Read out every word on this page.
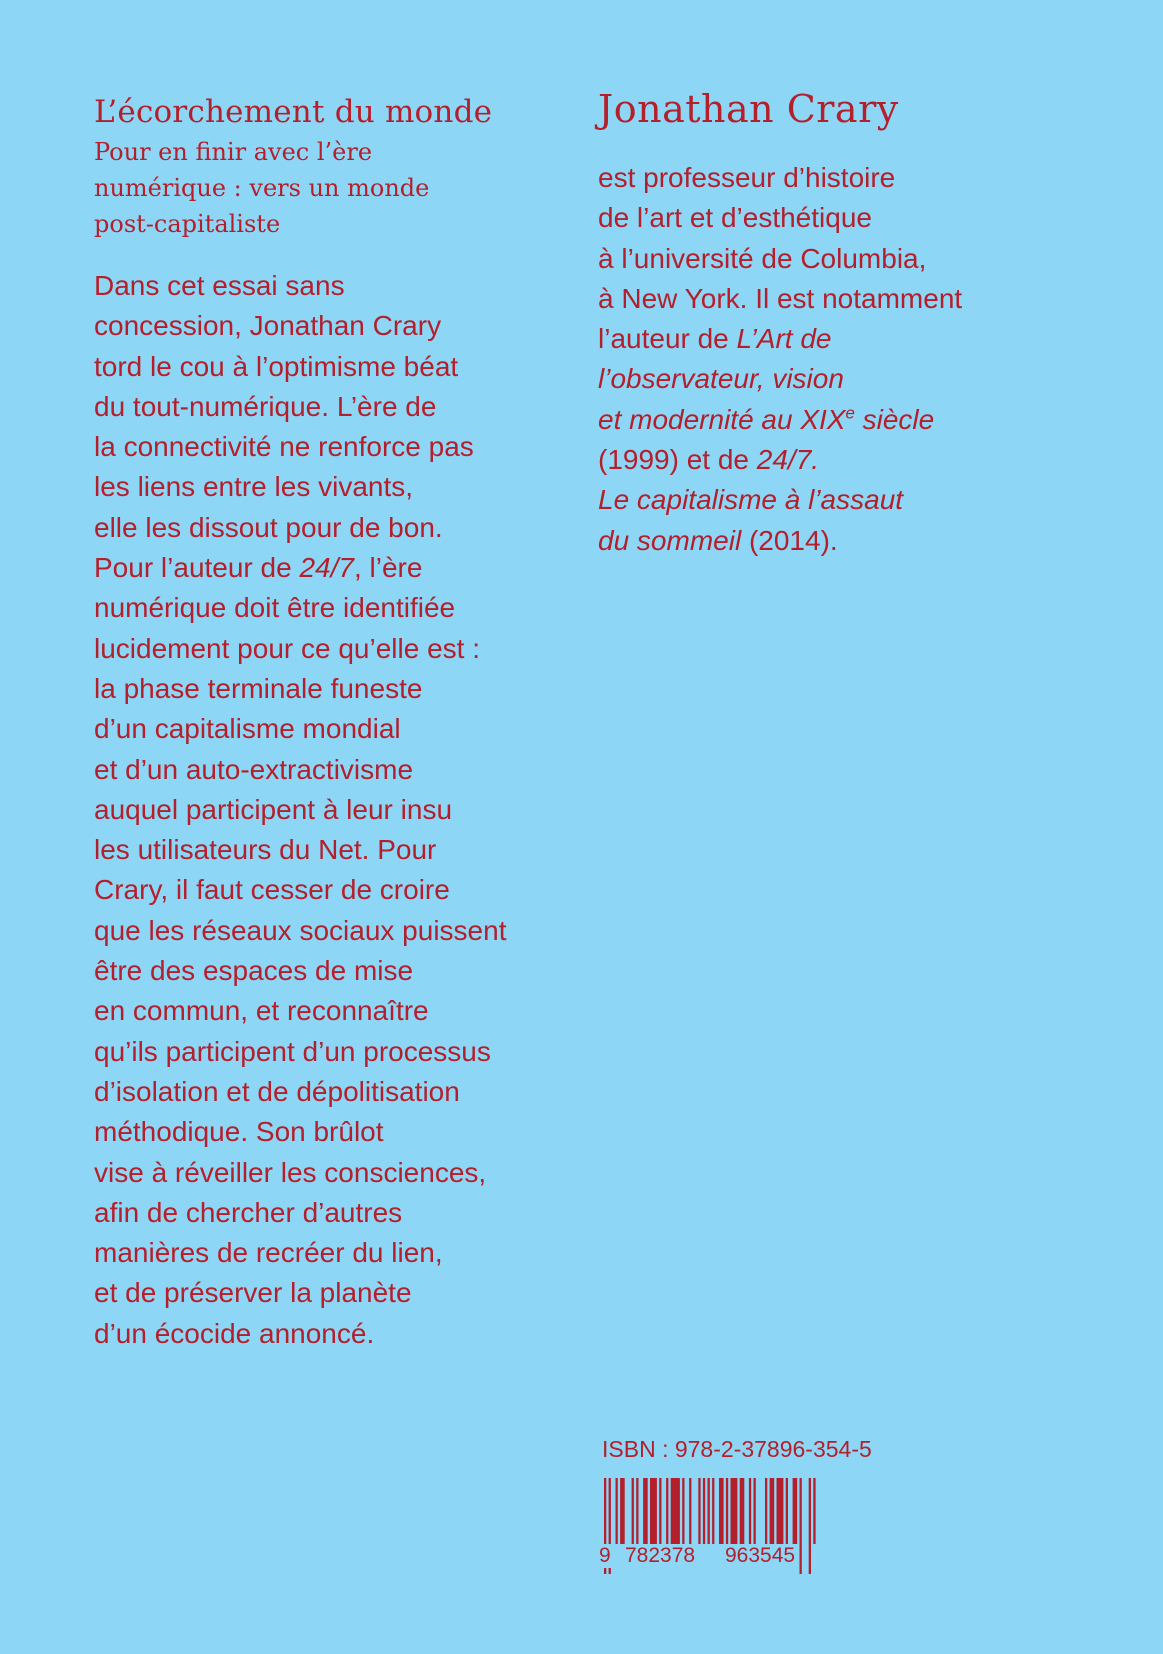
L’écorchement du monde
Pour en finir avec l’ère
numérique : vers un monde
post-capitaliste
Dans cet essai sans
concession, Jonathan Crary
tord le cou à l’optimisme béat
du tout-numérique. L’ère de
la connectivité ne renforce pas
les liens entre les vivants,
elle les dissout pour de bon.
Pour l’auteur de 24/7, l’ère
numérique doit être identifiée
lucidement pour ce qu’elle est :
la phase terminale funeste
d’un capitalisme mondial
et d’un auto-extractivisme
auquel participent à leur insu
les utilisateurs du Net. Pour
Crary, il faut cesser de croire
que les réseaux sociaux puissent
être des espaces de mise
en commun, et reconnaître
qu’ils participent d’un processus
d’isolation et de dépolitisation
méthodique. Son brûlot
vise à réveiller les consciences,
afin de chercher d’autres
manières de recréer du lien,
et de préserver la planète
d’un écocide annoncé.
Jonathan Crary
est professeur d’histoire
de l’art et d’esthétique
à l’université de Columbia,
à New York. Il est notamment
l’auteur de L’Art de
l’observateur, vision
et modernité au XIXe siècle
(1999) et de 24/7.
Le capitalisme à l’assaut
du sommeil (2014).
ISBN : 978-2-37896-354-5
9 782378 963545
